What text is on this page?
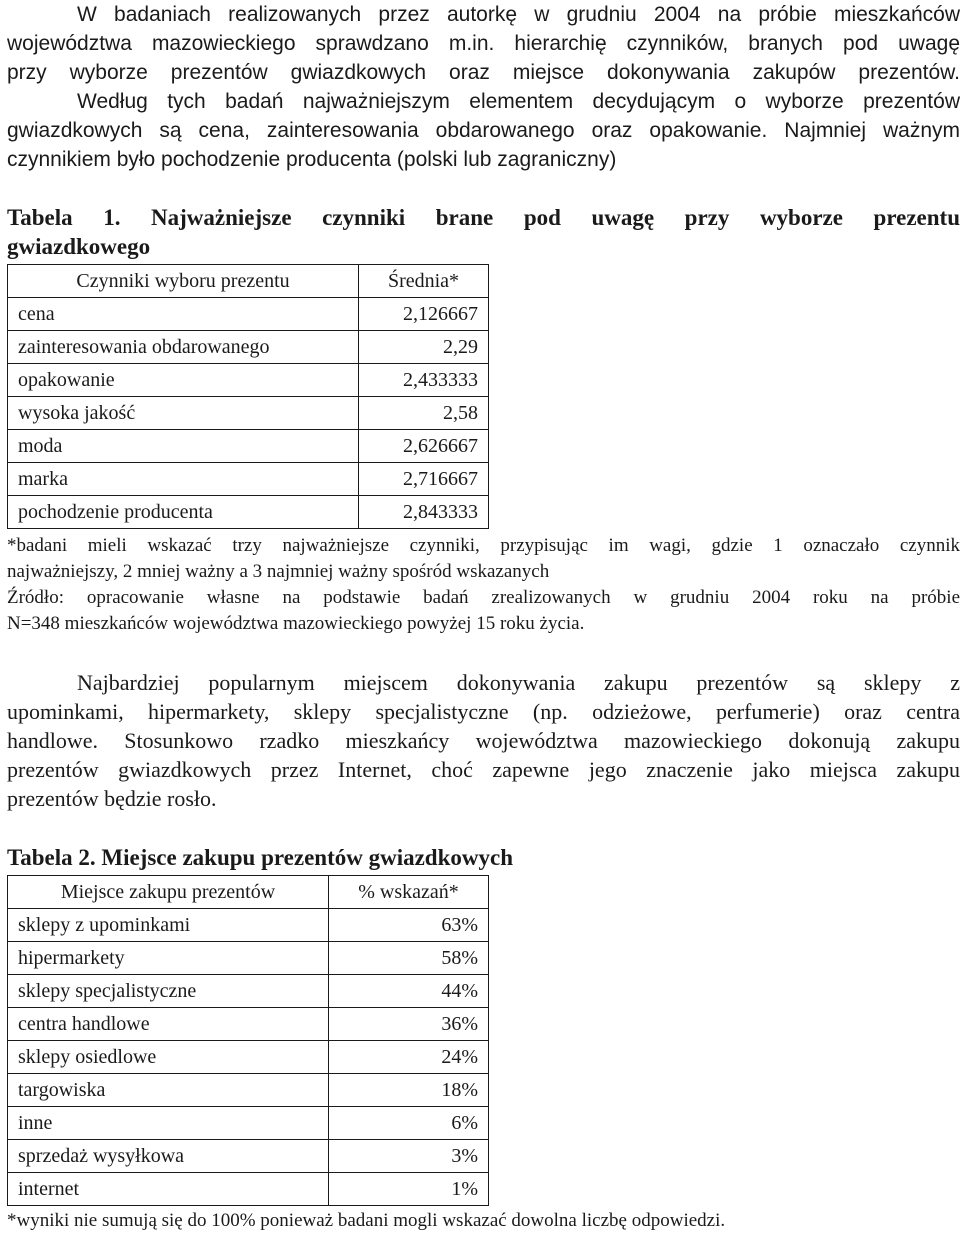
W badaniach realizowanych przez autorkę w grudniu 2004 na próbie mieszkańców
województwa mazowieckiego sprawdzano m.in. hierarchię czynników, branych pod uwagę
przy wyborze prezentów gwiazdkowych oraz miejsce dokonywania zakupów prezentów.
Według tych badań najważniejszym elementem decydującym o wyborze prezentów
gwiazdkowych są cena, zainteresowania obdarowanego oraz opakowanie. Najmniej ważnym
czynnikiem było pochodzenie producenta (polski lub zagraniczny)
Tabela 1. Najważniejsze czynniki brane pod uwagę przy wyborze prezentu
gwiazdkowego
Czynniki wyboru prezentu	Średnia*
cena	2,126667
zainteresowania obdarowanego	2,29
opakowanie	2,433333
wysoka jakość	2,58
moda	2,626667
marka	2,716667
pochodzenie producenta	2,843333
*badani mieli wskazać trzy najważniejsze czynniki, przypisując im wagi, gdzie 1 oznaczało czynnik
najważniejszy, 2 mniej ważny a 3 najmniej ważny spośród wskazanych
Źródło: opracowanie własne na podstawie badań zrealizowanych w grudniu 2004 roku na próbie
N=348 mieszkańców województwa mazowieckiego powyżej 15 roku życia.
Najbardziej popularnym miejscem dokonywania zakupu prezentów są sklepy z
upominkami, hipermarkety, sklepy specjalistyczne (np. odzieżowe, perfumerie) oraz centra
handlowe. Stosunkowo rzadko mieszkańcy województwa mazowieckiego dokonują zakupu
prezentów gwiazdkowych przez Internet, choć zapewne jego znaczenie jako miejsca zakupu
prezentów będzie rosło.
Tabela 2. Miejsce zakupu prezentów gwiazdkowych
Miejsce zakupu prezentów	% wskazań*
sklepy z upominkami	63%
hipermarkety	58%
sklepy specjalistyczne	44%
centra handlowe	36%
sklepy osiedlowe	24%
targowiska	18%
inne	6%
sprzedaż wysyłkowa	3%
internet	1%
*wyniki nie sumują się do 100% ponieważ badani mogli wskazać dowolna liczbę odpowiedzi.
